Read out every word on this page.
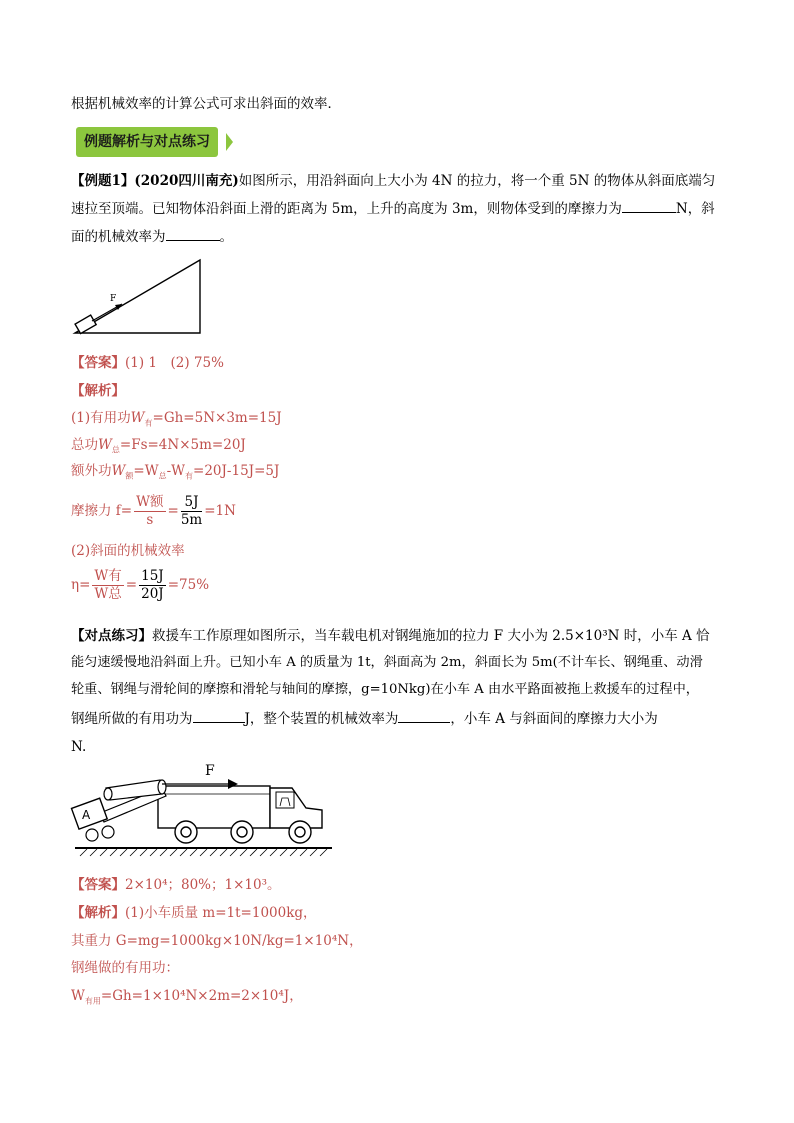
根据机械效率的计算公式可求出斜面的效率．
例题解析与对点练习
【例题1】(2020四川南充)如图所示，用沿斜面向上大小为 4N 的拉力，将一个重 5N 的物体从斜面底端匀
速拉至顶端。已知物体沿斜面上滑的距离为 5m，上升的高度为 3m，则物体受到的摩擦力为	N，斜
面的机械效率为	。
F
【答案】(1) 1　(2) 75%
【解析】
(1)有用功$W_有=Gh=5N\times 3m=15J$
总功$W_总=Fs=4N\times 5m=20J$
额外功$W_额=W_总-W_有=20J-15J=5J$
摩擦力 $f= \frac{\text{W额}}{s} = \frac{5J}{5m} =1N$
(2)斜面的机械效率
$\eta= \frac{\text{W有}}{\text{W总}} = \frac{15J}{20J} =75\%$
【对点练习】救援车工作原理如图所示，当车载电机对钢绳施加的拉力 F 大小为 2.5×10³N 时，小车 A 恰
能匀速缓慢地沿斜面上升。已知小车 A 的质量为 1t，斜面高为 2m，斜面长为 5m(不计车长、钢绳重、动滑
轮重、钢绳与滑轮间的摩擦和滑轮与轴间的摩擦，g=10Nkg)在小车 A 由水平路面被拖上救援车的过程中，
钢绳所做的有用功为	J，整个装置的机械效率为	，小车 A 与斜面间的摩擦力大小为
N.
A
F
【答案】2×10⁴；80%；1×10³。
【解析】(1)小车质量 m=1t=1000kg，
其重力 G=mg=1000kg×10N/kg=1×10⁴N，
钢绳做的有用功：
$W_{有用}=Gh=1\times 10^4N\times 2m=2\times 10^4J$，
